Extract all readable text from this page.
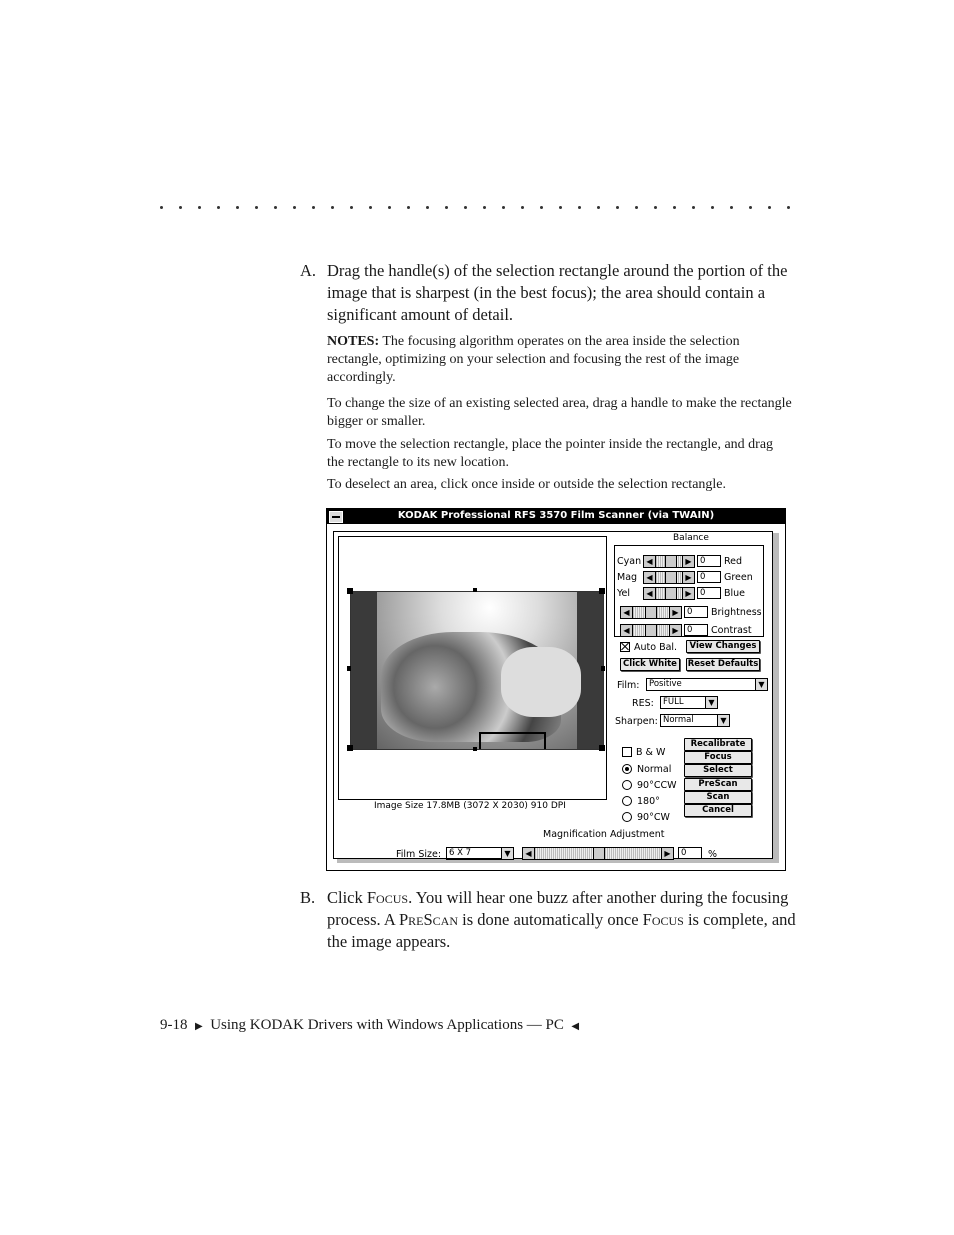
A. Drag the handle(s) of the selection rectangle around the portion of the image that is sharpest (in the best focus); the area should contain a significant amount of detail.
NOTES: The focusing algorithm operates on the area inside the selection rectangle, optimizing on your selection and focusing the rest of the image accordingly.
To change the size of an existing selected area, drag a handle to make the rectangle bigger or smaller.
To move the selection rectangle, place the pointer inside the rectangle, and drag the rectangle to its new location.
To deselect an area, click once inside or outside the selection rectangle.
KODAK Professional RFS 3570 Film Scanner (via TWAIN)
Image Size 17.8MB (3072 X 2030) 910 DPI
Balance
Cyan ◀	▶ 0	Red
Mag	◀	▶ 0	Green
Yel	◀	▶ 0	Blue
◀	▶ 0	Brightness
◀	▶ 0	Contrast
Auto Bal.	View Changes
Click White	Reset Defaults
Film:	Positive	▼
RES:	FULL	▼
Sharpen: Normal	▼
B & W
Normal
90°CCW
180°
90°CW
Recalibrate
Focus
Select
PreScan
Scan
Cancel
Magnification Adjustment
Film Size: 6 X 7	▼	◀	▶	0	%
B. Click Focus. You will hear one buzz after another during the focusing process. A PreScan is done automatically once Focus is complete, and the image appears.
9-18 ▶ Using KODAK Drivers with Windows Applications — PC ◀
